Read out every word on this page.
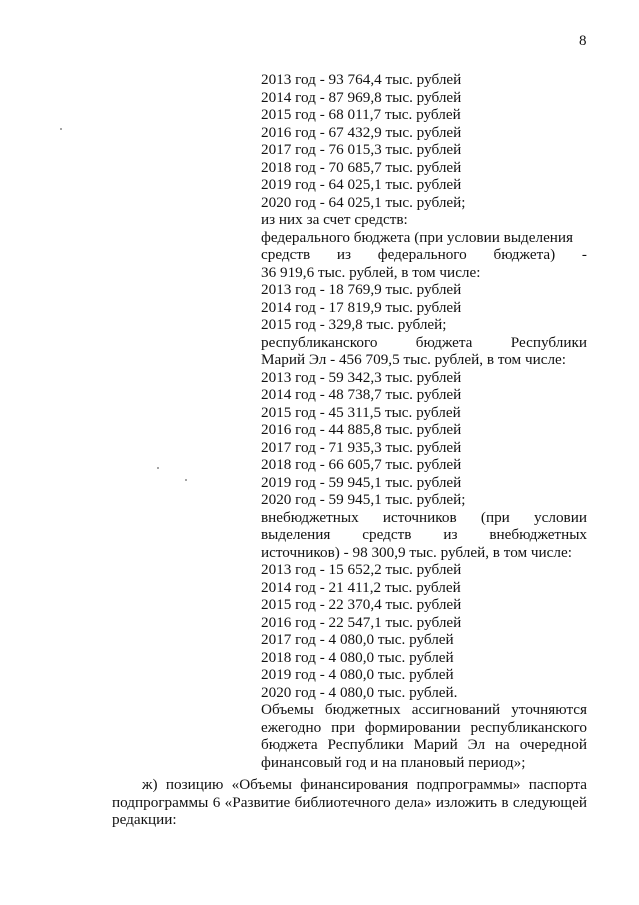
8
2013 год - 93 764,4 тыс. рублей
2014 год - 87 969,8 тыс. рублей
2015 год - 68 011,7 тыс. рублей
2016 год - 67 432,9 тыс. рублей
2017 год - 76 015,3 тыс. рублей
2018 год - 70 685,7 тыс. рублей
2019 год - 64 025,1 тыс. рублей
2020 год - 64 025,1 тыс. рублей;
из них за счет средств:
федерального бюджета (при условии выделения
средств из федерального бюджета) -
36 919,6 тыс. рублей, в том числе:
2013 год - 18 769,9 тыс. рублей
2014 год - 17 819,9 тыс. рублей
2015 год - 329,8 тыс. рублей;
республиканского	бюджета	Республики
Марий Эл - 456 709,5 тыс. рублей, в том числе:
2013 год - 59 342,3 тыс. рублей
2014 год - 48 738,7 тыс. рублей
2015 год - 45 311,5 тыс. рублей
2016 год - 44 885,8 тыс. рублей
2017 год - 71 935,3 тыс. рублей
2018 год - 66 605,7 тыс. рублей
2019 год - 59 945,1 тыс. рублей
2020 год - 59 945,1 тыс. рублей;
внебюджетных источников (при условии
выделения средств из внебюджетных
источников) - 98 300,9 тыс. рублей, в том числе:
2013 год - 15 652,2 тыс. рублей
2014 год - 21 411,2 тыс. рублей
2015 год - 22 370,4 тыс. рублей
2016 год - 22 547,1 тыс. рублей
2017 год - 4 080,0 тыс. рублей
2018 год - 4 080,0 тыс. рублей
2019 год - 4 080,0 тыс. рублей
2020 год - 4 080,0 тыс. рублей.
Объемы бюджетных ассигнований уточняются ежегодно при формировании республиканского бюджета Республики Марий Эл на очередной финансовый год и на плановый период»;
ж) позицию «Объемы финансирования подпрограммы» паспорта
подпрограммы 6 «Развитие библиотечного дела» изложить в следующей
редакции:
